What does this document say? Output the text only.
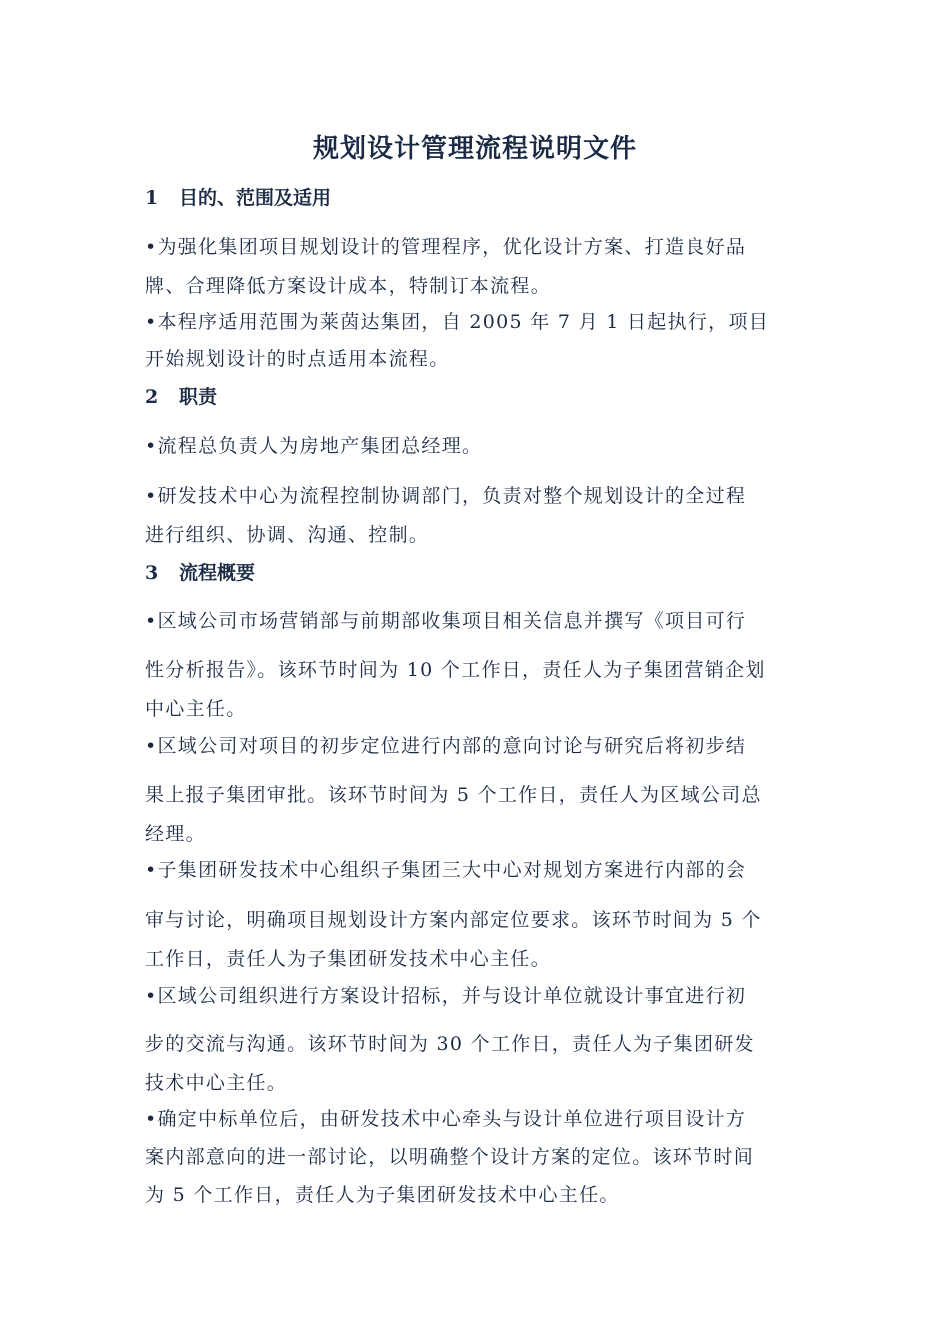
规划设计管理流程说明文件
1 目的、范围及适用
•为强化集团项目规划设计的管理程序，优化设计方案、打造良好品
牌、合理降低方案设计成本，特制订本流程。
•本程序适用范围为莱茵达集团，自 2005 年 7 月 1 日起执行，项目
开始规划设计的时点适用本流程。
2 职责
•流程总负责人为房地产集团总经理。
•研发技术中心为流程控制协调部门，负责对整个规划设计的全过程
进行组织、协调、沟通、控制。
3 流程概要
•区域公司市场营销部与前期部收集项目相关信息并撰写《项目可行
性分析报告》。该环节时间为 10 个工作日，责任人为子集团营销企划
中心主任。
•区域公司对项目的初步定位进行内部的意向讨论与研究后将初步结
果上报子集团审批。该环节时间为 5 个工作日，责任人为区域公司总
经理。
•子集团研发技术中心组织子集团三大中心对规划方案进行内部的会
审与讨论，明确项目规划设计方案内部定位要求。该环节时间为 5 个
工作日，责任人为子集团研发技术中心主任。
•区域公司组织进行方案设计招标，并与设计单位就设计事宜进行初
步的交流与沟通。该环节时间为 30 个工作日，责任人为子集团研发
技术中心主任。
•确定中标单位后，由研发技术中心牵头与设计单位进行项目设计方
案内部意向的进一部讨论，以明确整个设计方案的定位。该环节时间
为 5 个工作日，责任人为子集团研发技术中心主任。
